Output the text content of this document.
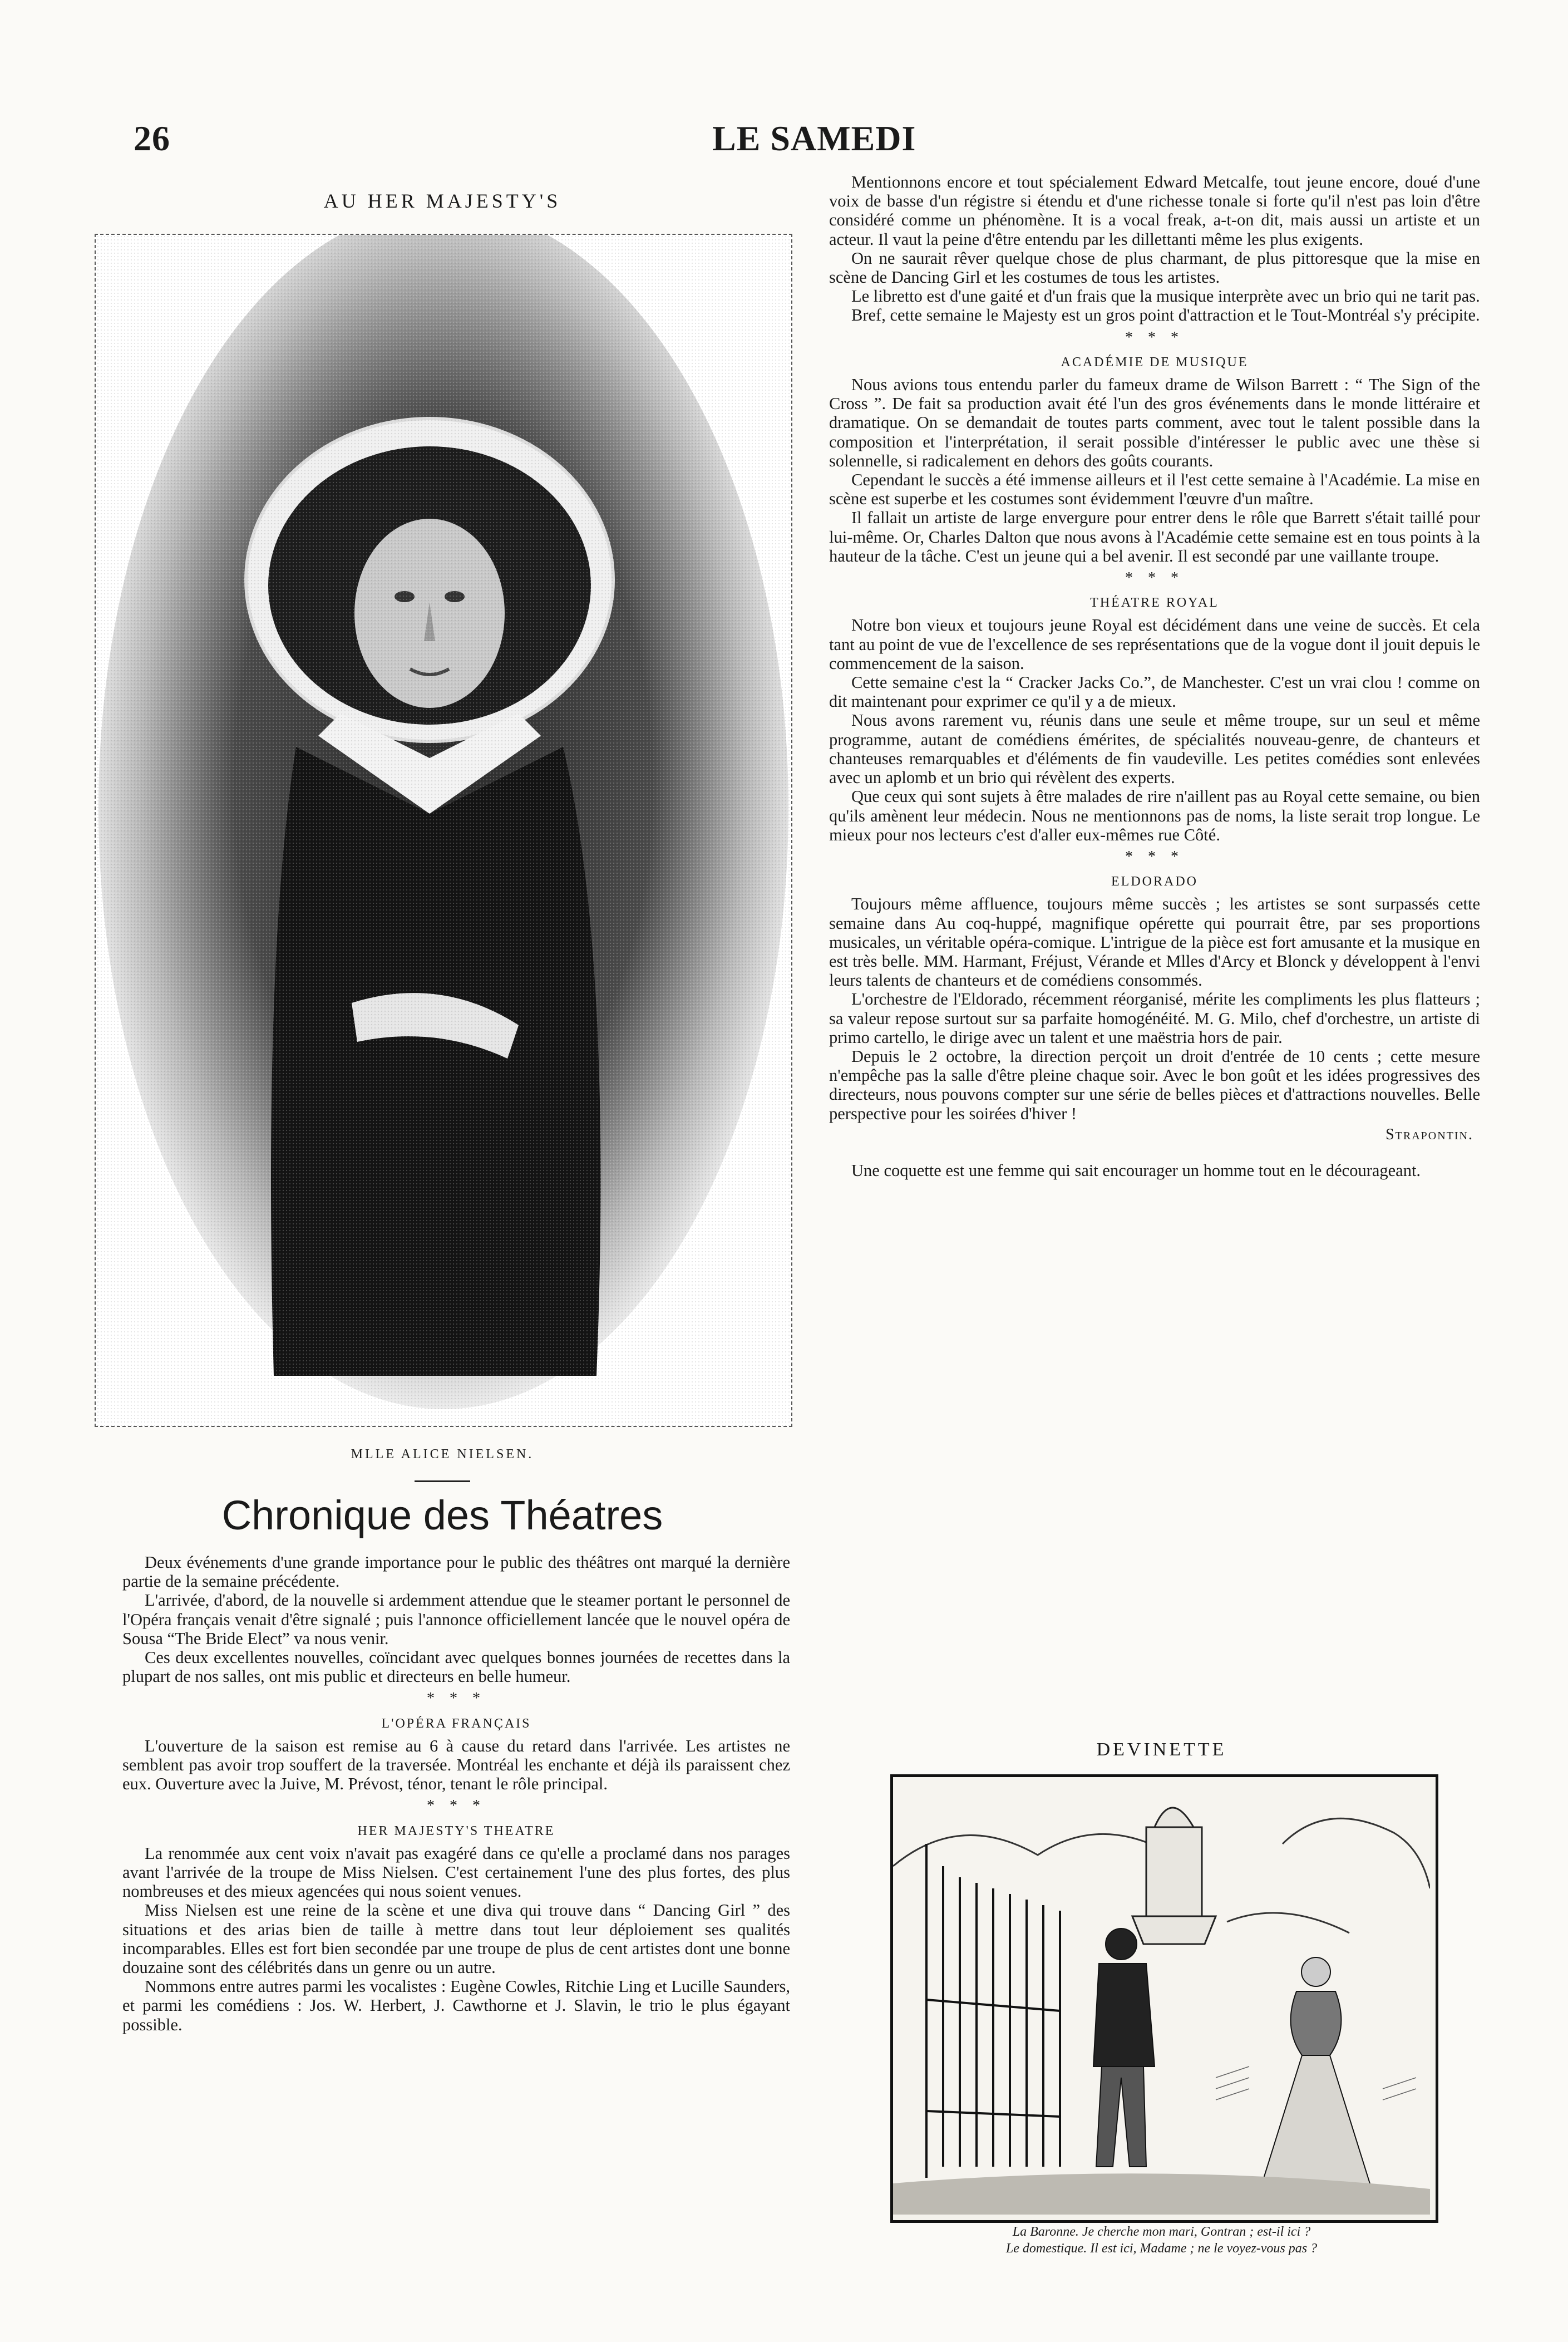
26	LE SAMEDI
AU HER MAJESTY'S
MLLE ALICE NIELSEN.
Chronique des Théatres

Deux événements d'une grande importance pour le public des théâtres ont marqué la dernière partie de la semaine précédente.

L'arrivée, d'abord, de la nouvelle si ardemment attendue que le steamer portant le personnel de l'Opéra français venait d'être signalé ; puis l'annonce officiellement lancée que le nouvel opéra de Sousa “The Bride Elect” va nous venir.

Ces deux excellentes nouvelles, coïncidant avec quelques bonnes journées de recettes dans la plupart de nos salles, ont mis public et directeurs en belle humeur.

* * *
L'OPÉRA FRANÇAIS

L'ouverture de la saison est remise au 6 à cause du retard dans l'arrivée. Les artistes ne semblent pas avoir trop souffert de la traversée. Montréal les enchante et déjà ils paraissent chez eux. Ouverture avec la Juive, M. Prévost, ténor, tenant le rôle principal.

* * *
HER MAJESTY'S THEATRE

La renommée aux cent voix n'avait pas exagéré dans ce qu'elle a proclamé dans nos parages avant l'arrivée de la troupe de Miss Nielsen. C'est certainement l'une des plus fortes, des plus nombreuses et des mieux agencées qui nous soient venues.

Miss Nielsen est une reine de la scène et une diva qui trouve dans “ Dancing Girl ” des situations et des arias bien de taille à mettre dans tout leur déploiement ses qualités incomparables. Elles est fort bien secondée par une troupe de plus de cent artistes dont une bonne douzaine sont des célébrités dans un genre ou un autre.

Nommons entre autres parmi les vocalistes : Eugène Cowles, Ritchie Ling et Lucille Saunders, et parmi les comédiens : Jos. W. Herbert, J. Cawthorne et J. Slavin, le trio le plus égayant possible.

Mentionnons encore et tout spécialement Edward Metcalfe, tout jeune encore, doué d'une voix de basse d'un régistre si étendu et d'une richesse tonale si forte qu'il n'est pas loin d'être considéré comme un phénomène. It is a vocal freak, a-t-on dit, mais aussi un artiste et un acteur. Il vaut la peine d'être entendu par les dillettanti même les plus exigents.

On ne saurait rêver quelque chose de plus charmant, de plus pittoresque que la mise en scène de Dancing Girl et les costumes de tous les artistes.

Le libretto est d'une gaité et d'un frais que la musique interprète avec un brio qui ne tarit pas.

Bref, cette semaine le Majesty est un gros point d'attraction et le Tout-Montréal s'y précipite.

* * *
ACADÉMIE DE MUSIQUE

Nous avions tous entendu parler du fameux drame de Wilson Barrett : “ The Sign of the Cross ”. De fait sa production avait été l'un des gros événements dans le monde littéraire et dramatique. On se demandait de toutes parts comment, avec tout le talent possible dans la composition et l'interprétation, il serait possible d'intéresser le public avec une thèse si solennelle, si radicalement en dehors des goûts courants.

Cependant le succès a été immense ailleurs et il l'est cette semaine à l'Académie. La mise en scène est superbe et les costumes sont évidemment l'œuvre d'un maître.

Il fallait un artiste de large envergure pour entrer dens le rôle que Barrett s'était taillé pour lui-même. Or, Charles Dalton que nous avons à l'Académie cette semaine est en tous points à la hauteur de la tâche. C'est un jeune qui a bel avenir. Il est secondé par une vaillante troupe.

* * *
THÉATRE ROYAL

Notre bon vieux et toujours jeune Royal est décidément dans une veine de succès. Et cela tant au point de vue de l'excellence de ses représentations que de la vogue dont il jouit depuis le commencement de la saison.

Cette semaine c'est la “ Cracker Jacks Co.”, de Manchester. C'est un vrai clou ! comme on dit maintenant pour exprimer ce qu'il y a de mieux.

Nous avons rarement vu, réunis dans une seule et même troupe, sur un seul et même programme, autant de comédiens émérites, de spécialités nouveau-genre, de chanteurs et chanteuses remarquables et d'éléments de fin vaudeville. Les petites comédies sont enlevées avec un aplomb et un brio qui révèlent des experts.

Que ceux qui sont sujets à être malades de rire n'aillent pas au Royal cette semaine, ou bien qu'ils amènent leur médecin. Nous ne mentionnons pas de noms, la liste serait trop longue. Le mieux pour nos lecteurs c'est d'aller eux-mêmes rue Côté.

* * *
ELDORADO

Toujours même affluence, toujours même succès ; les artistes se sont surpassés cette semaine dans Au coq-huppé, magnifique opérette qui pourrait être, par ses proportions musicales, un véritable opéra-comique. L'intrigue de la pièce est fort amusante et la musique en est très belle. MM. Harmant, Fréjust, Vérande et Mlles d'Arcy et Blonck y développent à l'envi leurs talents de chanteurs et de comédiens consommés.

L'orchestre de l'Eldorado, récemment réorganisé, mérite les compliments les plus flatteurs ; sa valeur repose surtout sur sa parfaite homogénéité. M. G. Milo, chef d'orchestre, un artiste di primo cartello, le dirige avec un talent et une maëstria hors de pair.

Depuis le 2 octobre, la direction perçoit un droit d'entrée de 10 cents ; cette mesure n'empêche pas la salle d'être pleine chaque soir. Avec le bon goût et les idées progressives des directeurs, nous pouvons compter sur une série de belles pièces et d'attractions nouvelles. Belle perspective pour les soirées d'hiver !

Strapontin.

Une coquette est une femme qui sait encourager un homme tout en le décourageant.

DEVINETTE
La Baronne. Je cherche mon mari, Gontran ; est-il ici ?
Le domestique. Il est ici, Madame ; ne le voyez-vous pas ?
